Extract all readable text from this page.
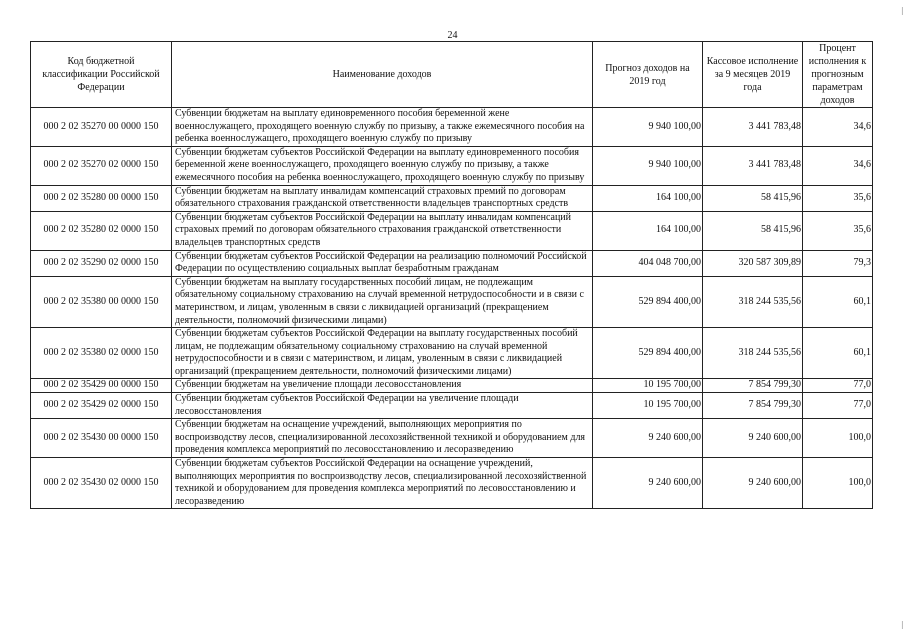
24
|
|
Код бюджетной классификации Российской Федерации	Наименование доходов	Прогноз доходов на 2019 год	Кассовое исполнение за 9 месяцев 2019 года	Процент исполнения к прогнозным параметрам доходов
000 2 02 35270 00 0000 150	Субвенции бюджетам на выплату единовременного пособия беременной жене военнослужащего, проходящего военную службу по призыву, а также ежемесячного пособия на ребенка военнослужащего, проходящего военную службу по призыву	9 940 100,00	3 441 783,48	34,6
000 2 02 35270 02 0000 150	Субвенции бюджетам субъектов Российской Федерации на выплату единовременного пособия беременной жене военнослужащего, проходящего военную службу по призыву, а также ежемесячного пособия на ребенка военнослужащего, проходящего военную службу по призыву	9 940 100,00	3 441 783,48	34,6
000 2 02 35280 00 0000 150	Субвенции бюджетам на выплату инвалидам компенсаций страховых премий по договорам обязательного страхования гражданской ответственности владельцев транспортных средств	164 100,00	58 415,96	35,6
000 2 02 35280 02 0000 150	Субвенции бюджетам субъектов Российской Федерации на выплату инвалидам компенсаций страховых премий по договорам обязательного страхования гражданской ответственности владельцев транспортных средств	164 100,00	58 415,96	35,6
000 2 02 35290 02 0000 150	Субвенции бюджетам субъектов Российской Федерации на реализацию полномочий Российской Федерации по осуществлению социальных выплат безработным гражданам	404 048 700,00	320 587 309,89	79,3
000 2 02 35380 00 0000 150	Субвенции бюджетам на выплату государственных пособий лицам, не подлежащим обязательному социальному страхованию на случай временной нетрудоспособности и в связи с материнством, и лицам, уволенным в связи с ликвидацией организаций (прекращением деятельности, полномочий физическими лицами)	529 894 400,00	318 244 535,56	60,1
000 2 02 35380 02 0000 150	Субвенции бюджетам субъектов Российской Федерации на выплату государственных пособий лицам, не подлежащим обязательному социальному страхованию на случай временной нетрудоспособности и в связи с материнством, и лицам, уволенным в связи с ликвидацией организаций (прекращением деятельности, полномочий физическими лицами)	529 894 400,00	318 244 535,56	60,1
000 2 02 35429 00 0000 150	Субвенции бюджетам на увеличение площади лесовосстановления	10 195 700,00	7 854 799,30	77,0
000 2 02 35429 02 0000 150	Субвенции бюджетам субъектов Российской Федерации на увеличение площади лесовосстановления	10 195 700,00	7 854 799,30	77,0
000 2 02 35430 00 0000 150	Субвенции бюджетам на оснащение учреждений, выполняющих мероприятия по воспроизводству лесов, специализированной лесохозяйственной техникой и оборудованием для проведения комплекса мероприятий по лесовосстановлению и лесоразведению	9 240 600,00	9 240 600,00	100,0
000 2 02 35430 02 0000 150	Субвенции бюджетам субъектов Российской Федерации на оснащение учреждений, выполняющих мероприятия по воспроизводству лесов, специализированной лесохозяйственной техникой и оборудованием для проведения комплекса мероприятий по лесовосстановлению и лесоразведению	9 240 600,00	9 240 600,00	100,0
